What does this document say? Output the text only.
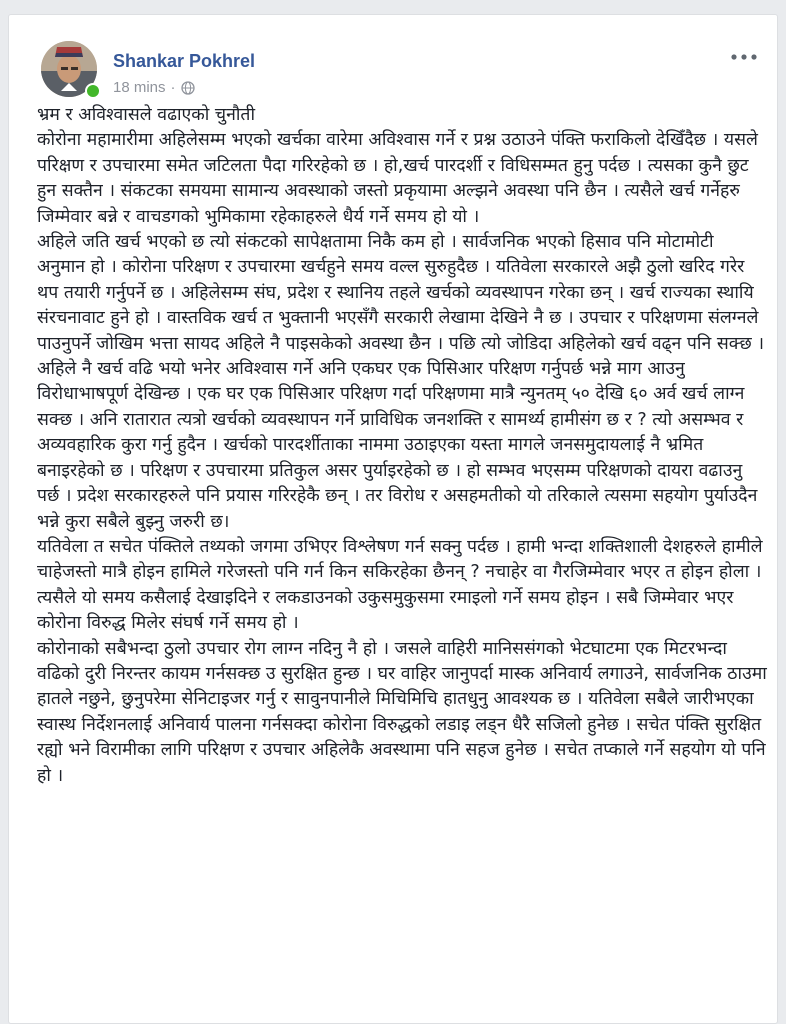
Shankar Pokhrel
18 mins ·

भ्रम र अविश्वासले वढाएको चुनौती

कोरोना महामारीमा अहिलेसम्म भएको खर्चका वारेमा अविश्वास गर्ने र प्रश्न उठाउने पंक्ति फराकिलो देखिँदैछ । यसले परिक्षण र उपचारमा समेत जटिलता पैदा गरिरहेको छ । हो,खर्च पारदर्शी र विधिसम्मत हुनु पर्दछ । त्यसका कुनै छुट हुन सक्तैन । संकटका समयमा सामान्य अवस्थाको जस्तो प्रकृयामा अल्झने अवस्था पनि छैन । त्यसैले खर्च गर्नेहरु जिम्मेवार बन्ने र वाचडगको भुमिकामा रहेकाहरुले धैर्य गर्ने समय हो यो ।

अहिले जति खर्च भएको छ त्यो संकटको सापेक्षतामा निकै कम हो । सार्वजनिक भएको हिसाव पनि मोटामोटी अनुमान हो । कोरोना परिक्षण र उपचारमा खर्चहुने समय वल्ल सुरुहुदैछ । यतिवेला सरकारले अझै ठुलो खरिद गरेर थप तयारी गर्नुपर्ने छ । अहिलेसम्म संघ, प्रदेश र स्थानिय तहले खर्चको व्यवस्थापन गरेका छन् । खर्च राज्यका स्थायि संरचनावाट हुने हो । वास्तविक खर्च त भुक्तानी भएसँगै सरकारी लेखामा देखिने नै छ । उपचार र परिक्षणमा संलग्नले पाउनुपर्ने जोखिम भत्ता सायद अहिले नै पाइसकेको अवस्था छैन । पछि त्यो जोडिदा अहिलेको खर्च वढ्न पनि सक्छ ।

अहिले नै खर्च वढि भयो भनेर अविश्वास गर्ने अनि एकघर एक पिसिआर परिक्षण गर्नुपर्छ भन्ने माग आउनु विरोधाभाषपूर्ण देखिन्छ । एक घर एक पिसिआर परिक्षण गर्दा परिक्षणमा मात्रै न्युनतम् ५० देखि ६० अर्व खर्च लाग्न सक्छ । अनि रातारात त्यत्रो खर्चको व्यवस्थापन गर्ने प्राविधिक जनशक्ति र सामर्थ्य हामीसंग छ र ? त्यो असम्भव र अव्यवहारिक कुरा गर्नु हुदैन । खर्चको पारदर्शीताका नाममा उठाइएका यस्ता मागले जनसमुदायलाई नै भ्रमित बनाइरहेको छ । परिक्षण र उपचारमा प्रतिकुल असर पुर्याइरहेको छ । हो सम्भव भएसम्म परिक्षणको दायरा वढाउनु पर्छ । प्रदेश सरकारहरुले पनि प्रयास गरिरहेकै छन् । तर विरोध र असहमतीको यो तरिकाले त्यसमा सहयोग पुर्याउदैन भन्ने कुरा सबैले बुझ्नु जरुरी छ।

यतिवेला त सचेत पंक्तिले तथ्यको जगमा उभिएर विश्लेषण गर्न सक्नु पर्दछ । हामी भन्दा शक्तिशाली देशहरुले हामीले चाहेजस्तो मात्रै होइन हामिले गरेजस्तो पनि गर्न किन सकिरहेका छैनन् ? नचाहेर वा गैरजिम्मेवार भएर त होइन होला । त्यसैले यो समय कसैलाई देखाइदिने र लकडाउनको उकुसमुकुसमा रमाइलो गर्ने समय होइन । सबै जिम्मेवार भएर कोरोना विरुद्ध मिलेर संघर्ष गर्ने समय हो ।

कोरोनाको सबैभन्दा ठुलो उपचार रोग लाग्न नदिनु नै हो । जसले वाहिरी मानिससंगको भेटघाटमा एक मिटरभन्दा वढिको दुरी निरन्तर कायम गर्नसक्छ उ सुरक्षित हुन्छ । घर वाहिर जानुपर्दा मास्क अनिवार्य लगाउने, सार्वजनिक ठाउमा हातले नछुने, छुनुपरेमा सेनिटाइजर गर्नु र सावुनपानीले मिचिमिचि हातधुनु आवश्यक छ । यतिवेला सबैले जारीभएका स्वास्थ निर्देशनलाई अनिवार्य पालना गर्नसक्दा कोरोना विरुद्धको लडाइ लड्न धैरै सजिलो हुनेछ । सचेत पंक्ति सुरक्षित रह्यो भने विरामीका लागि परिक्षण र उपचार अहिलेकै अवस्थामा पनि सहज हुनेछ । सचेत तप्काले गर्ने सहयोग यो पनि हो ।
